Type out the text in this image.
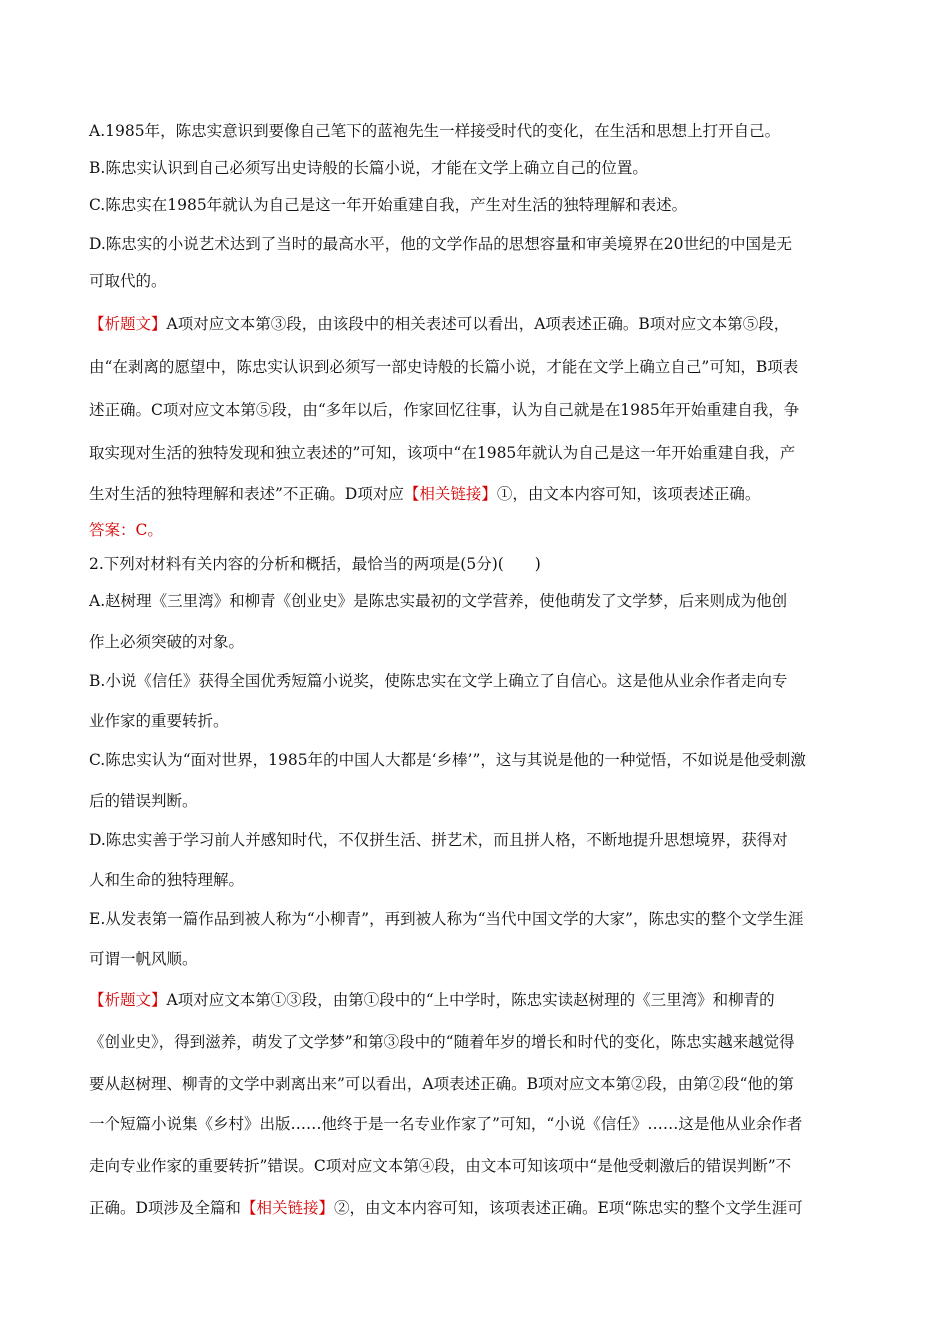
A.1985年，陈忠实意识到要像自己笔下的蓝袍先生一样接受时代的变化，在生活和思想上打开自己。
B.陈忠实认识到自己必须写出史诗般的长篇小说，才能在文学上确立自己的位置。
C.陈忠实在1985年就认为自己是这一年开始重建自我，产生对生活的独特理解和表述。
D.陈忠实的小说艺术达到了当时的最高水平，他的文学作品的思想容量和审美境界在20世纪的中国是无
可取代的。
【析题文】A项对应文本第③段，由该段中的相关表述可以看出，A项表述正确。B项对应文本第⑤段，
由“在剥离的愿望中，陈忠实认识到必须写一部史诗般的长篇小说，才能在文学上确立自己”可知，B项表
述正确。C项对应文本第⑤段，由“多年以后，作家回忆往事，认为自己就是在1985年开始重建自我，争
取实现对生活的独特发现和独立表述的”可知，该项中“在1985年就认为自己是这一年开始重建自我，产
生对生活的独特理解和表述”不正确。D项对应【相关链接】①，由文本内容可知，该项表述正确。
答案：C。
2.下列对材料有关内容的分析和概括，最恰当的两项是(5分)(　　)
A.赵树理《三里湾》和柳青《创业史》是陈忠实最初的文学营养，使他萌发了文学梦，后来则成为他创
作上必须突破的对象。
B.小说《信任》获得全国优秀短篇小说奖，使陈忠实在文学上确立了自信心。这是他从业余作者走向专
业作家的重要转折。
C.陈忠实认为“面对世界，1985年的中国人大都是‘乡棒’”，这与其说是他的一种觉悟，不如说是他受刺激
后的错误判断。
D.陈忠实善于学习前人并感知时代，不仅拼生活、拼艺术，而且拼人格，不断地提升思想境界，获得对
人和生命的独特理解。
E.从发表第一篇作品到被人称为“小柳青”，再到被人称为“当代中国文学的大家”，陈忠实的整个文学生涯
可谓一帆风顺。
【析题文】A项对应文本第①③段，由第①段中的“上中学时，陈忠实读赵树理的《三里湾》和柳青的
《创业史》，得到滋养，萌发了文学梦”和第③段中的“随着年岁的增长和时代的变化，陈忠实越来越觉得
要从赵树理、柳青的文学中剥离出来”可以看出，A项表述正确。B项对应文本第②段，由第②段“他的第
一个短篇小说集《乡村》出版……他终于是一名专业作家了”可知，“小说《信任》……这是他从业余作者
走向专业作家的重要转折”错误。C项对应文本第④段，由文本可知该项中“是他受刺激后的错误判断”不
正确。D项涉及全篇和【相关链接】②，由文本内容可知，该项表述正确。E项“陈忠实的整个文学生涯可
